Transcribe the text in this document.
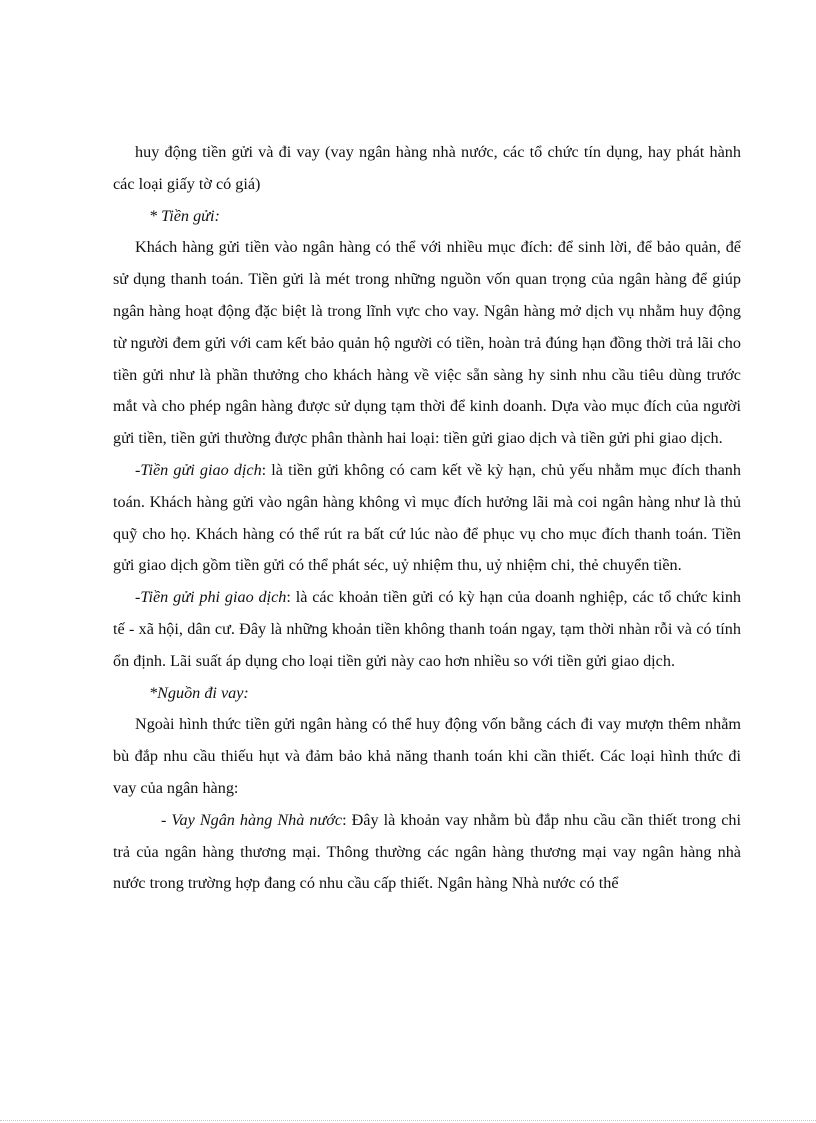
huy động tiền gửi và đi vay (vay ngân hàng nhà nước, các tổ chức tín dụng, hay phát hành các loại giấy tờ có giá)

* Tiền gửi:

Khách hàng gửi tiền vào ngân hàng có thể với nhiều mục đích: để sinh lời, để bảo quản, để sử dụng thanh toán. Tiền gửi là mét trong những nguồn vốn quan trọng của ngân hàng để giúp ngân hàng hoạt động đặc biệt là trong lĩnh vực cho vay. Ngân hàng mở dịch vụ nhằm huy động từ người đem gửi với cam kết bảo quản hộ người có tiền, hoàn trả đúng hạn đồng thời trả lãi cho tiền gửi như là phần thưởng cho khách hàng về việc sẵn sàng hy sinh nhu cầu tiêu dùng trước mắt và cho phép ngân hàng được sử dụng tạm thời để kinh doanh. Dựa vào mục đích của người gửi tiền, tiền gửi thường được phân thành hai loại: tiền gửi giao dịch và tiền gửi phi giao dịch.

-Tiền gửi giao dịch: là tiền gửi không có cam kết về kỳ hạn, chủ yếu nhằm mục đích thanh toán. Khách hàng gửi vào ngân hàng không vì mục đích hưởng lãi mà coi ngân hàng như là thủ quỹ cho họ. Khách hàng có thể rút ra bất cứ lúc nào để phục vụ cho mục đích thanh toán. Tiền gửi giao dịch gồm tiền gửi có thể phát séc, uỷ nhiệm thu, uỷ nhiệm chi, thẻ chuyển tiền.

-Tiền gửi phi giao dịch: là các khoản tiền gửi có kỳ hạn của doanh nghiệp, các tổ chức kinh tế - xã hội, dân cư. Đây là những khoản tiền không thanh toán ngay, tạm thời nhàn rỗi và có tính ổn định. Lãi suất áp dụng cho loại tiền gửi này cao hơn nhiều so với tiền gửi giao dịch.

*Nguồn đi vay:

Ngoài hình thức tiền gửi ngân hàng có thể huy động vốn bằng cách đi vay mượn thêm nhằm bù đắp nhu cầu thiếu hụt và đảm bảo khả năng thanh toán khi cần thiết. Các loại hình thức đi vay của ngân hàng:

- Vay Ngân hàng Nhà nước: Đây là khoản vay nhằm bù đắp nhu cầu cần thiết trong chi trả của ngân hàng thương mại. Thông thường các ngân hàng thương mại vay ngân hàng nhà nước trong trường hợp đang có nhu cầu cấp thiết. Ngân hàng Nhà nước có thể
